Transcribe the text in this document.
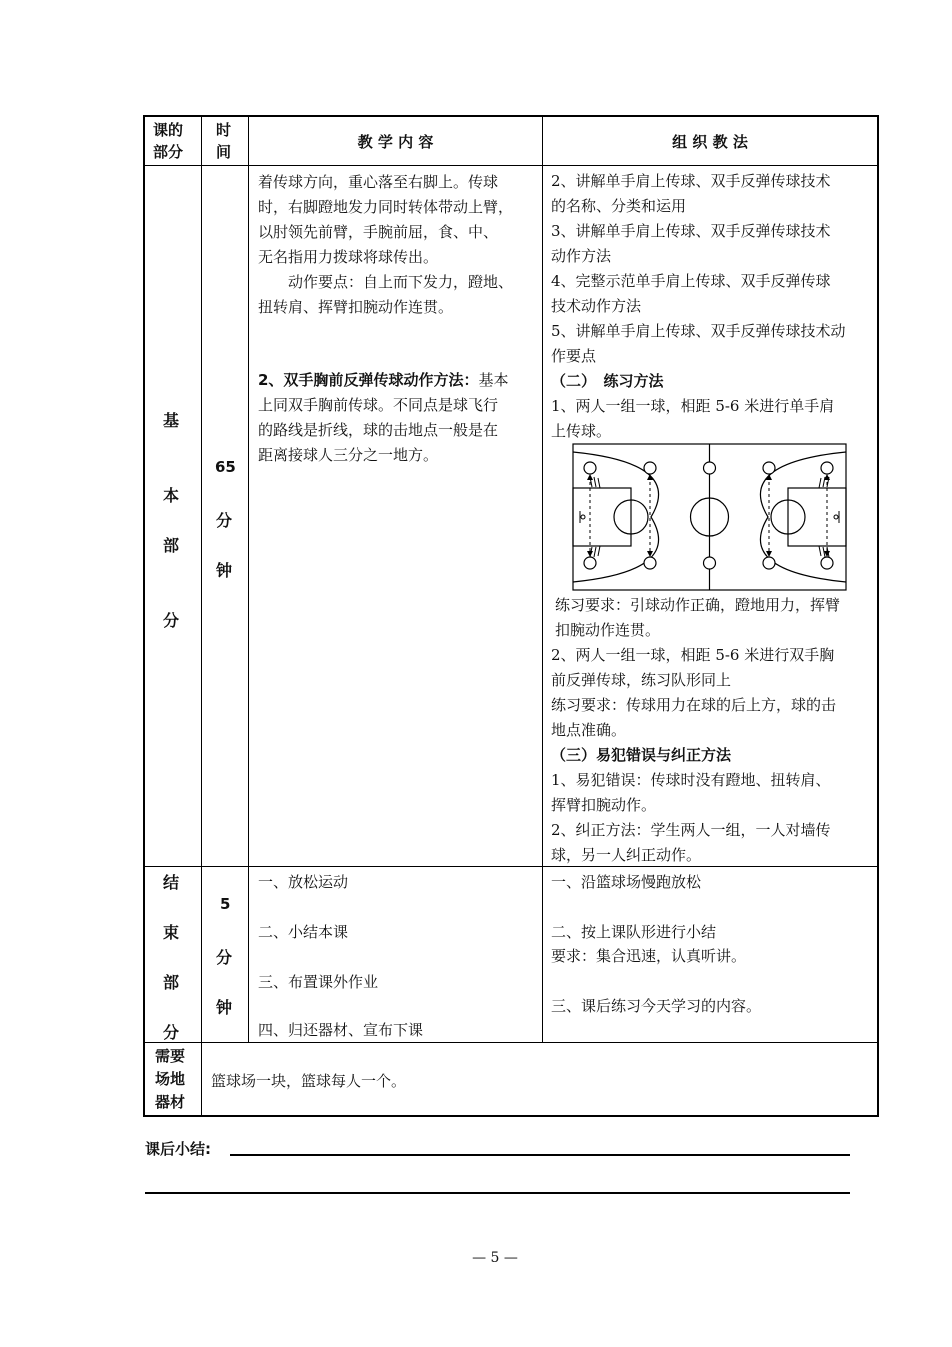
课的
部分
时
间
教 学 内 容	组 织 教 法
基
本
部
分
65
分
钟
着传球方向，重心落至右脚上。传球
时，右脚蹬地发力同时转体带动上臂，
以肘领先前臂，手腕前屈，食、中、
无名指用力拨球将球传出。
　　动作要点：自上而下发力，蹬地、
扭转肩、挥臂扣腕动作连贯。
2、双手胸前反弹传球动作方法：基本
上同双手胸前传球。不同点是球飞行
的路线是折线，球的击地点一般是在
距离接球人三分之一地方。
2、讲解单手肩上传球、双手反弹传球技术
的名称、分类和运用
3、讲解单手肩上传球、双手反弹传球技术
动作方法
4、完整示范单手肩上传球、双手反弹传球
技术动作方法
5、讲解单手肩上传球、双手反弹传球技术动
作要点
（二）　练习方法
1、两人一组一球，相距 5-6 米进行单手肩
上传球。
练习要求：引球动作正确，蹬地用力，挥臂
扣腕动作连贯。
2、两人一组一球，相距 5-6 米进行双手胸
前反弹传球，练习队形同上
练习要求：传球用力在球的后上方，球的击
地点准确。
（三）易犯错误与纠正方法
1、易犯错误：传球时没有蹬地、扭转肩、
挥臂扣腕动作。
2、纠正方法：学生两人一组，一人对墙传
球，另一人纠正动作。
结
束
部
分
5
分
钟
一、放松运动
二、小结本课
三、布置课外作业
四、归还器材、宣布下课
一、沿篮球场慢跑放松
二、按上课队形进行小结
要求：集合迅速，认真听讲。
三、课后练习今天学习的内容。
需要
场地
器材
篮球场一块，篮球每人一个。
课后小结:
— 5 —
